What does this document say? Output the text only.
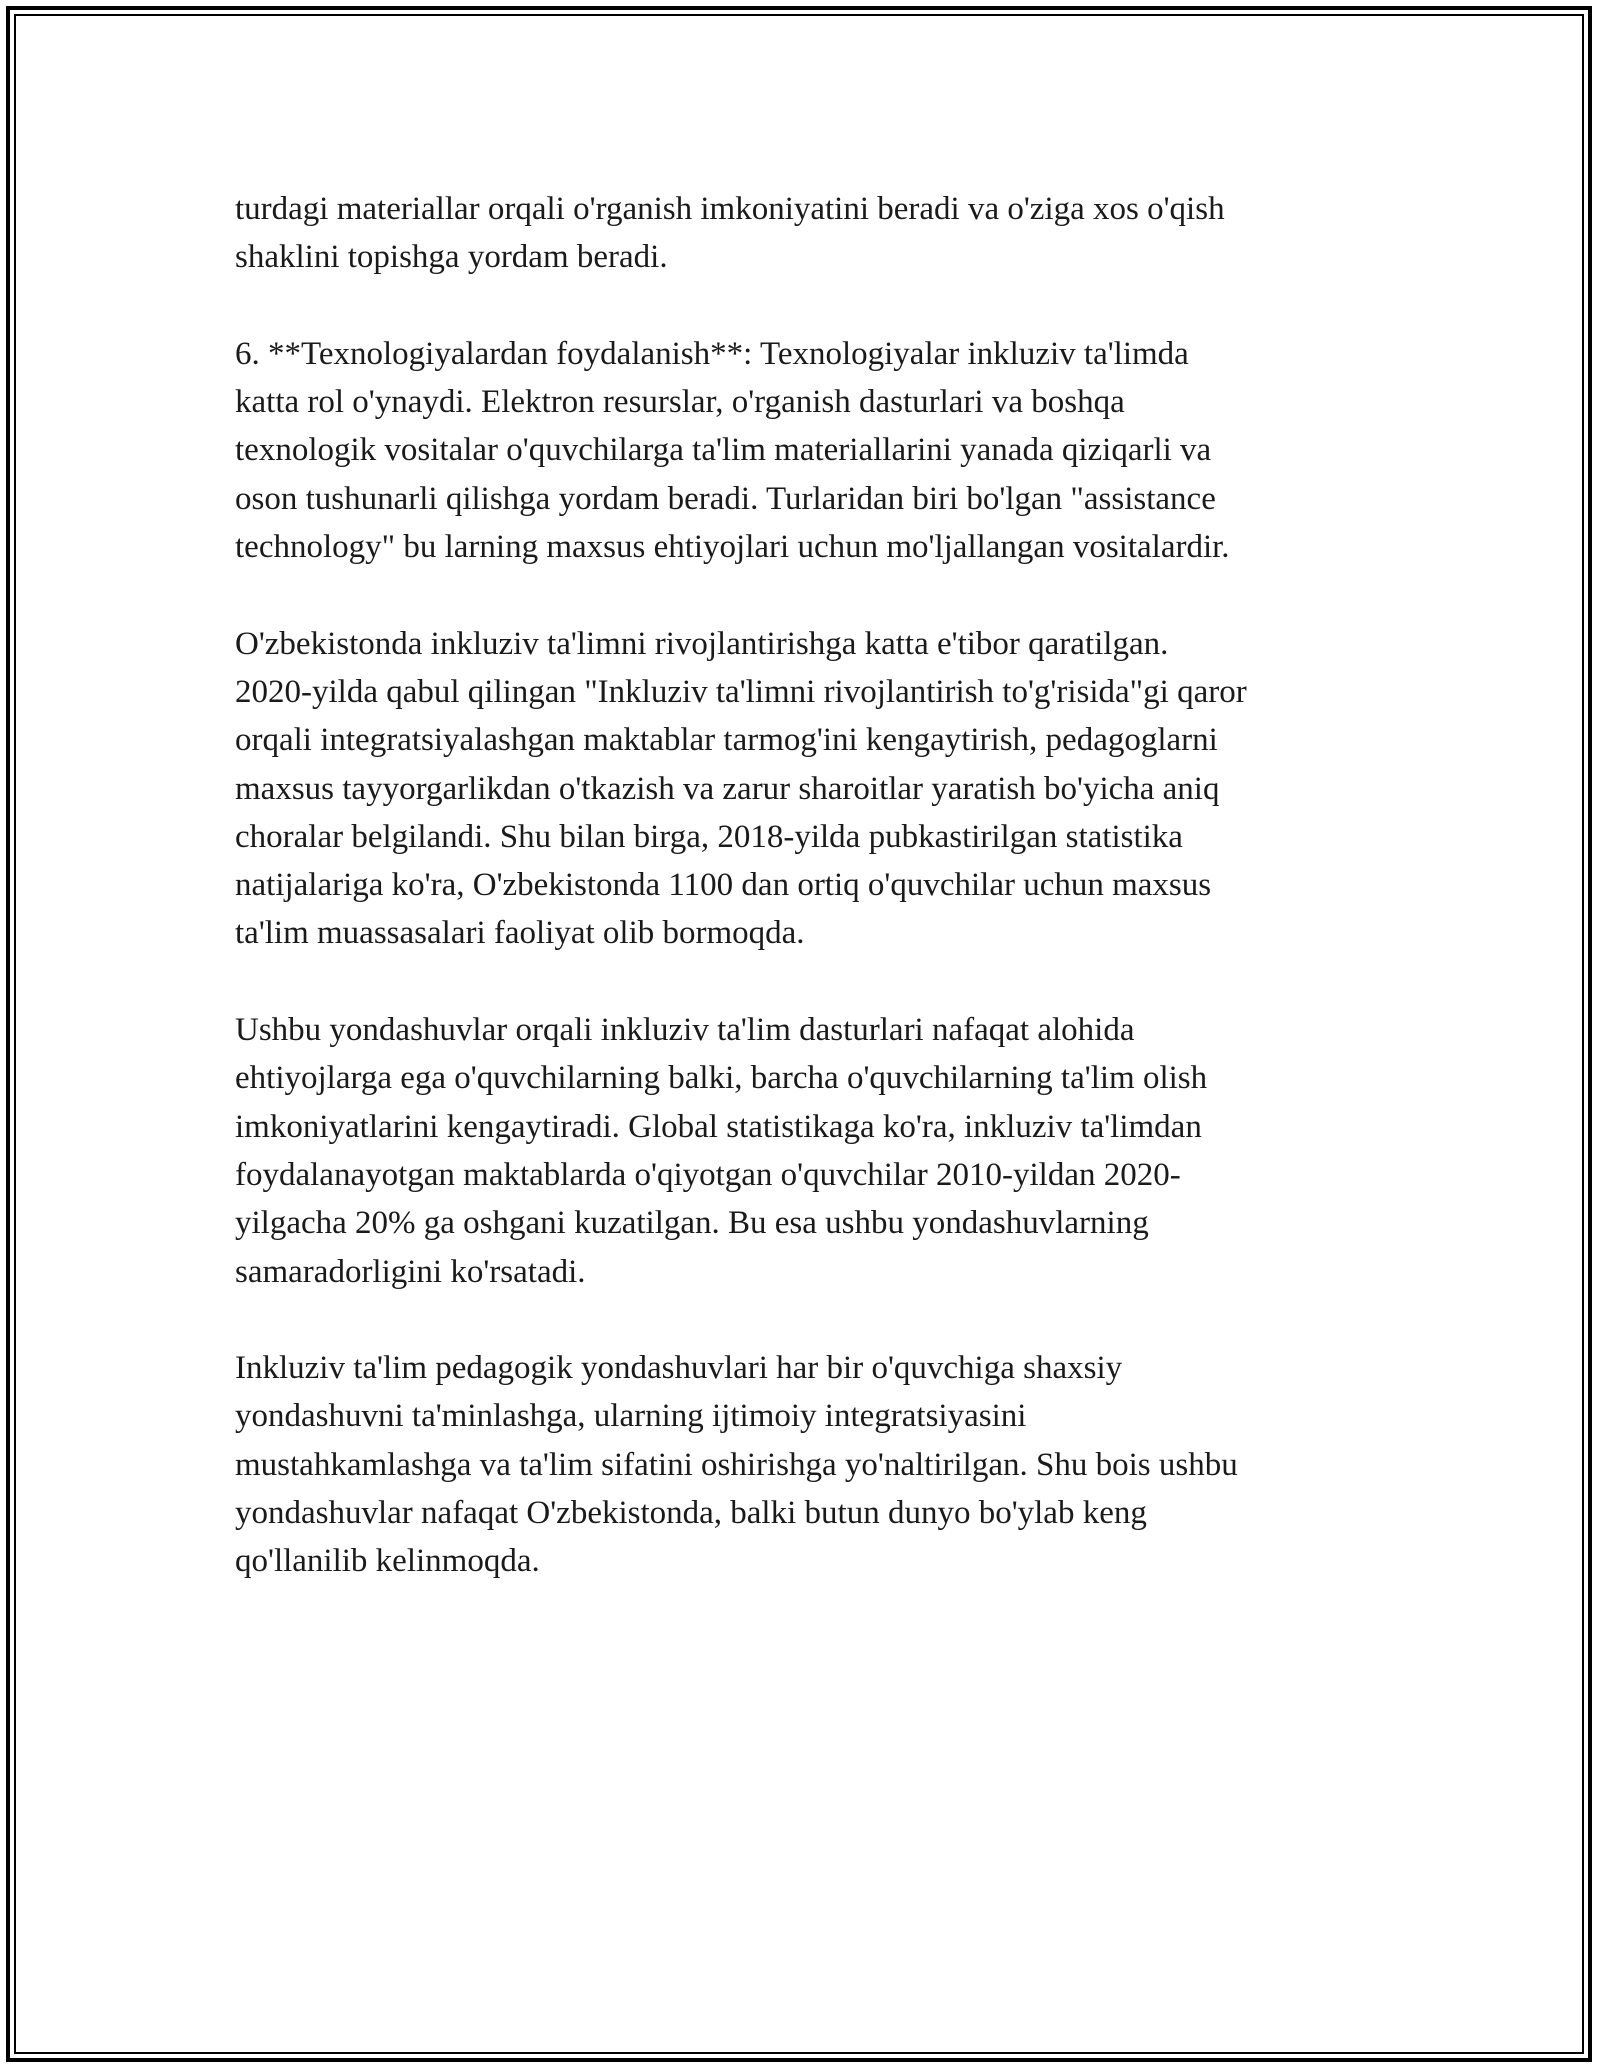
turdagi materiallar orqali o'rganish imkoniyatini beradi va o'ziga xos o'qish
shaklini topishga yordam beradi.

6. **Texnologiyalardan foydalanish**: Texnologiyalar inkluziv ta'limda
katta rol o'ynaydi. Elektron resurslar, o'rganish dasturlari va boshqa
texnologik vositalar o'quvchilarga ta'lim materiallarini yanada qiziqarli va
oson tushunarli qilishga yordam beradi. Turlaridan biri bo'lgan "assistance
technology" bu larning maxsus ehtiyojlari uchun mo'ljallangan vositalardir.

O'zbekistonda inkluziv ta'limni rivojlantirishga katta e'tibor qaratilgan.
2020-yilda qabul qilingan "Inkluziv ta'limni rivojlantirish to'g'risida"gi qaror
orqali integratsiyalashgan maktablar tarmog'ini kengaytirish, pedagoglarni
maxsus tayyorgarlikdan o'tkazish va zarur sharoitlar yaratish bo'yicha aniq
choralar belgilandi. Shu bilan birga, 2018-yilda pubkastirilgan statistika
natijalariga ko'ra, O'zbekistonda 1100 dan ortiq o'quvchilar uchun maxsus
ta'lim muassasalari faoliyat olib bormoqda.

Ushbu yondashuvlar orqali inkluziv ta'lim dasturlari nafaqat alohida
ehtiyojlarga ega o'quvchilarning balki, barcha o'quvchilarning ta'lim olish
imkoniyatlarini kengaytiradi. Global statistikaga ko'ra, inkluziv ta'limdan
foydalanayotgan maktablarda o'qiyotgan o'quvchilar 2010-yildan 2020-
yilgacha 20% ga oshgani kuzatilgan. Bu esa ushbu yondashuvlarning
samaradorligini ko'rsatadi.

Inkluziv ta'lim pedagogik yondashuvlari har bir o'quvchiga shaxsiy
yondashuvni ta'minlashga, ularning ijtimoiy integratsiyasini
mustahkamlashga va ta'lim sifatini oshirishga yo'naltirilgan. Shu bois ushbu
yondashuvlar nafaqat O'zbekistonda, balki butun dunyo bo'ylab keng
qo'llanilib kelinmoqda.
